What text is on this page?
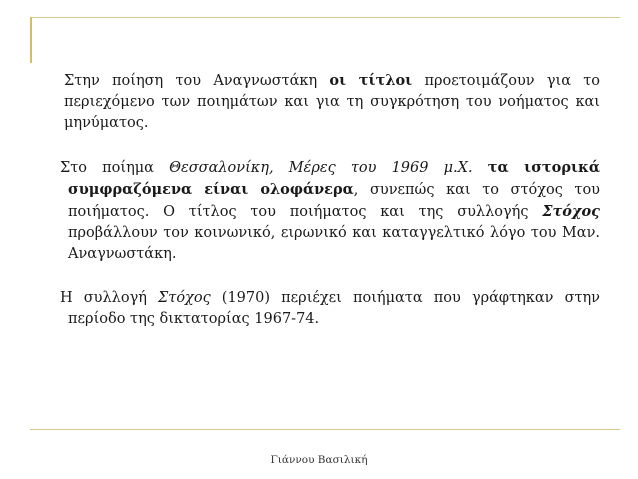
Στην ποίηση του Αναγνωστάκη οι τίτλοι προετοιμάζουν για το περιεχόμενο των ποιημάτων και για τη συγκρότηση του νοήματος και μηνύματος.

Στο ποίημα Θεσσαλονίκη, Μέρες του 1969 μ.Χ. τα ιστορικά συμφραζόμενα είναι ολοφάνερα, συνεπώς και το στόχος του ποιήματος. Ο τίτλος του ποιήματος και της συλλογής Στόχος προβάλλουν τον κοινωνικό, ειρωνικό και καταγγελτικό λόγο του Μαν. Αναγνωστάκη.

Η συλλογή Στόχος (1970) περιέχει ποιήματα που γράφτηκαν στην περίοδο της δικτατορίας 1967-74.

Γιάννου Βασιλική
